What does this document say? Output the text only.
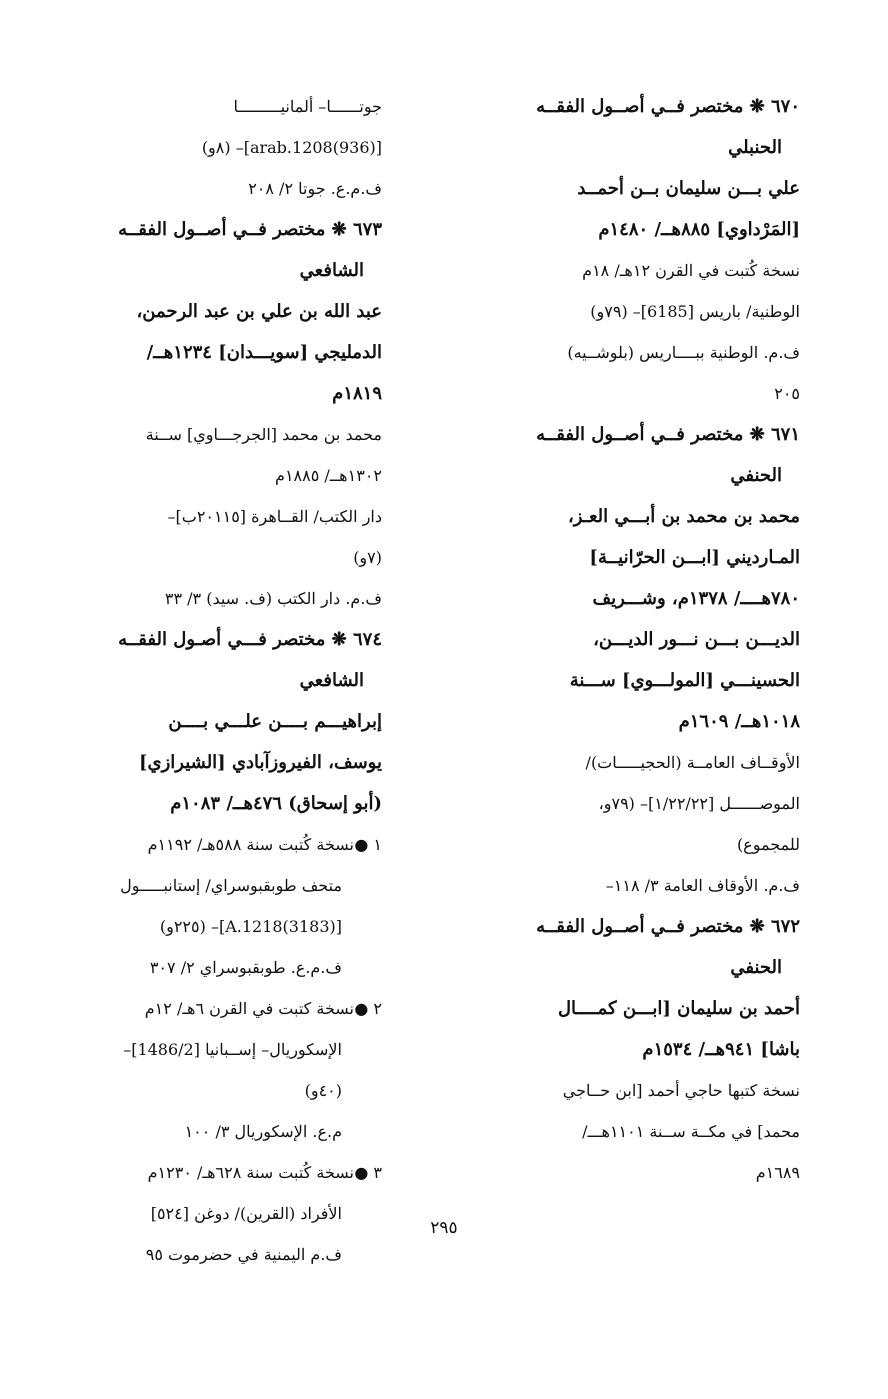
٦٧٠ ❋ مختصر فــي أصــول الفقــه
الحنبلي
علي بـــن سليمان بــن أحمــد
[المَرْداوي] ٨٨٥هــ/ ١٤٨٠م
نسخة كُتبت في القرن ١٢هـ/ ١٨م
الوطنية/ باريس [6185]– (٧٩و)
ف.م. الوطنية ببــــاريس (بلوشــيه)
٢٠٥
٦٧١ ❋ مختصر فــي أصــول الفقــه
الحنفي
محمد بن محمد بن أبـــي العـز،
المـارديني [ابـــن الحرّانيــة]
٧٨٠هــــ/ ١٣٧٨م، وشـــريف
الديـــن بـــن نـــور الديـــن،
الحسينـــي [المولـــوي] ســـنة
١٠١٨هــ/ ١٦٠٩م
الأوقــاف العامــة (الحجيـــــات)/
الموصــــــل [١/٢٢/٢٢]– (٧٩و،
للمجموع)
ف.م. الأوقاف العامة ٣/ ١١٨–
٦٧٢ ❋ مختصر فــي أصــول الفقــه
الحنفي
أحمد بن سليمان [ابـــن كمــــال
باشا] ٩٤١هــ/ ١٥٣٤م
نسخة كتبها حاجي أحمد [ابن حــاجي
محمد] في مكــة ســنة ١١٠١هـــ/
١٦٨٩م
جوتــــــا– ألمانيـــــــــا
[arab.1208(936)]– (٨و)
ف.م.ع. جوتا ٢/ ٢٠٨
٦٧٣ ❋ مختصر فــي أصــول الفقــه
الشافعي
عبد الله بن علي بن عبد الرحمن،
الدمليجي [سويـــدان] ١٢٣٤هــ/
١٨١٩م
محمد بن محمد [الجرجـــاوي] ســنة
١٣٠٢هــ/ ١٨٨٥م
دار الكتب/ القــاهرة [٢٠١١٥ب]–
(٧و)
ف.م. دار الكتب (ف. سيد) ٣/ ٣٣
٦٧٤ ❋ مختصر فـــي أصـول الفقــه
الشافعي
إبراهيـــم بــــن علـــي بــــن
يوسف، الفيروزآبادي [الشيرازي]
(أبو إسحاق) ٤٧٦هــ/ ١٠٨٣م
١ ●نسخة كُتبت سنة ٥٨٨هـ/ ١١٩٢م
متحف طوبقبوسراي/ إستانبـــــول
[A.1218(3183)]– (٢٢٥و)
ف.م.ع. طوبقبوسراي ٢/ ٣٠٧
٢ ●نسخة كتبت في القرن ٦هـ/ ١٢م
الإسكوريال– إســبانيا [1486/2]–
(٤٠و)
م.ع. الإسكوريال ٣/ ١٠٠
٣ ●نسخة كُتبت سنة ٦٢٨هـ/ ١٢٣٠م
الأفراد (القرين)/ دوغن [٥٢٤]
ف.م اليمنية في حضرموت ٩٥
٢٩٥
